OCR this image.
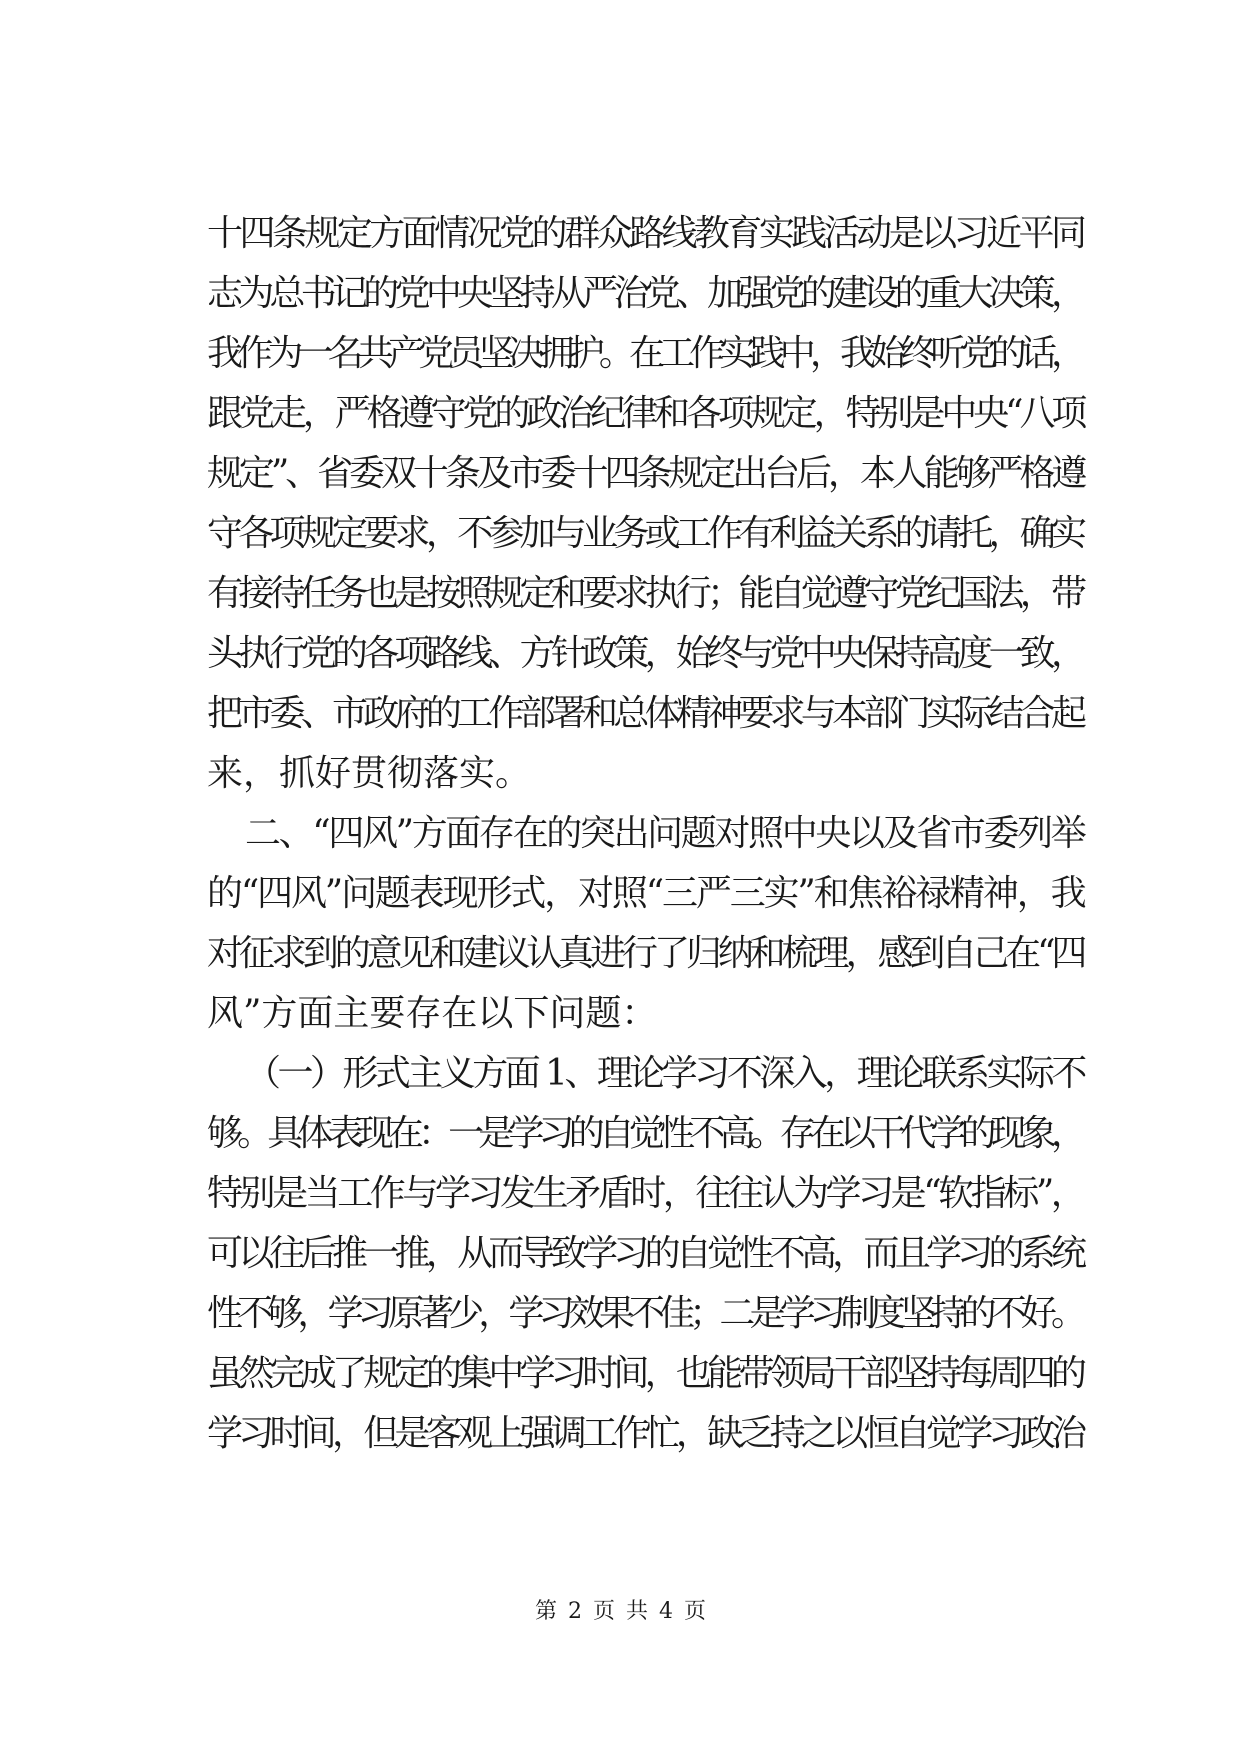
十四条规定方面情况党的群众路线教育实践活动是以习近平同
志为总书记的党中央坚持从严治党、加强党的建设的重大决策，
我作为一名共产党员坚决拥护。在工作实践中，我始终听党的话，
跟党走，严格遵守党的政治纪律和各项规定，特别是中央“八项
规定”、省委双十条及市委十四条规定出台后，本人能够严格遵
守各项规定要求，不参加与业务或工作有利益关系的请托，确实
有接待任务也是按照规定和要求执行；能自觉遵守党纪国法，带
头执行党的各项路线、方针政策，始终与党中央保持高度一致，
把市委、市政府的工作部署和总体精神要求与本部门实际结合起
来，抓好贯彻落实。
二、“四风”方面存在的突出问题对照中央以及省市委列举
的“四风”问题表现形式，对照“三严三实”和焦裕禄精神，我
对征求到的意见和建议认真进行了归纳和梳理，感到自己在“四
风”方面主要存在以下问题：
（一）形式主义方面 1、理论学习不深入，理论联系实际不
够。具体表现在：一是学习的自觉性不高。存在以干代学的现象，
特别是当工作与学习发生矛盾时，往往认为学习是“软指标”，
可以往后推一推，从而导致学习的自觉性不高，而且学习的系统
性不够，学习原著少，学习效果不佳；二是学习制度坚持的不好。
虽然完成了规定的集中学习时间，也能带领局干部坚持每周四的
学习时间，但是客观上强调工作忙，缺乏持之以恒自觉学习政治
第 2 页 共 4 页
